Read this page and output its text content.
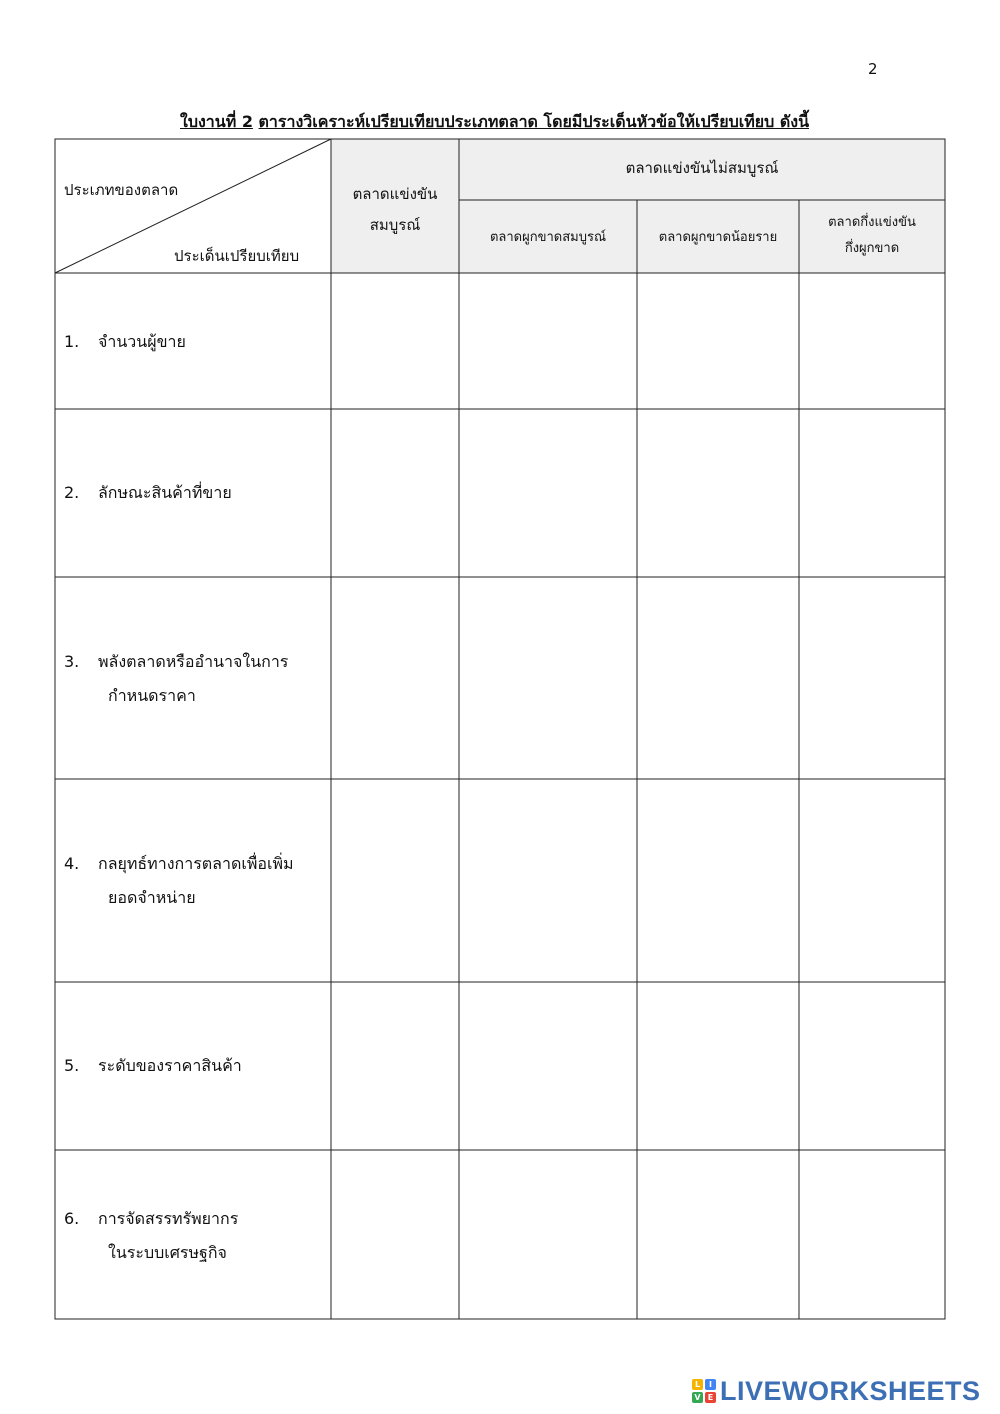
2
ใบงานที่ 2 ตารางวิเคราะห์เปรียบเทียบประเภทตลาด โดยมีประเด็นหัวข้อให้เปรียบเทียบ ดังนี้
ประเภทของตลาด
ประเด็นเปรียบเทียบ
ตลาดแข่งขัน
สมบูรณ์
ตลาดแข่งขันไม่สมบูรณ์
ตลาดผูกขาดสมบูรณ์	ตลาดผูกขาดน้อยราย
ตลาดกึ่งแข่งขัน
กึ่งผูกขาด
1. จำนวนผู้ขาย
2. ลักษณะสินค้าที่ขาย
3. พลังตลาดหรืออำนาจในการ
กำหนดราคา
4. กลยุทธ์ทางการตลาดเพื่อเพิ่ม
ยอดจำหน่าย
5. ระดับของราคาสินค้า
6. การจัดสรรทรัพยากร
ในระบบเศรษฐกิจ
L	I
V E LIVEWORKSHEETS
